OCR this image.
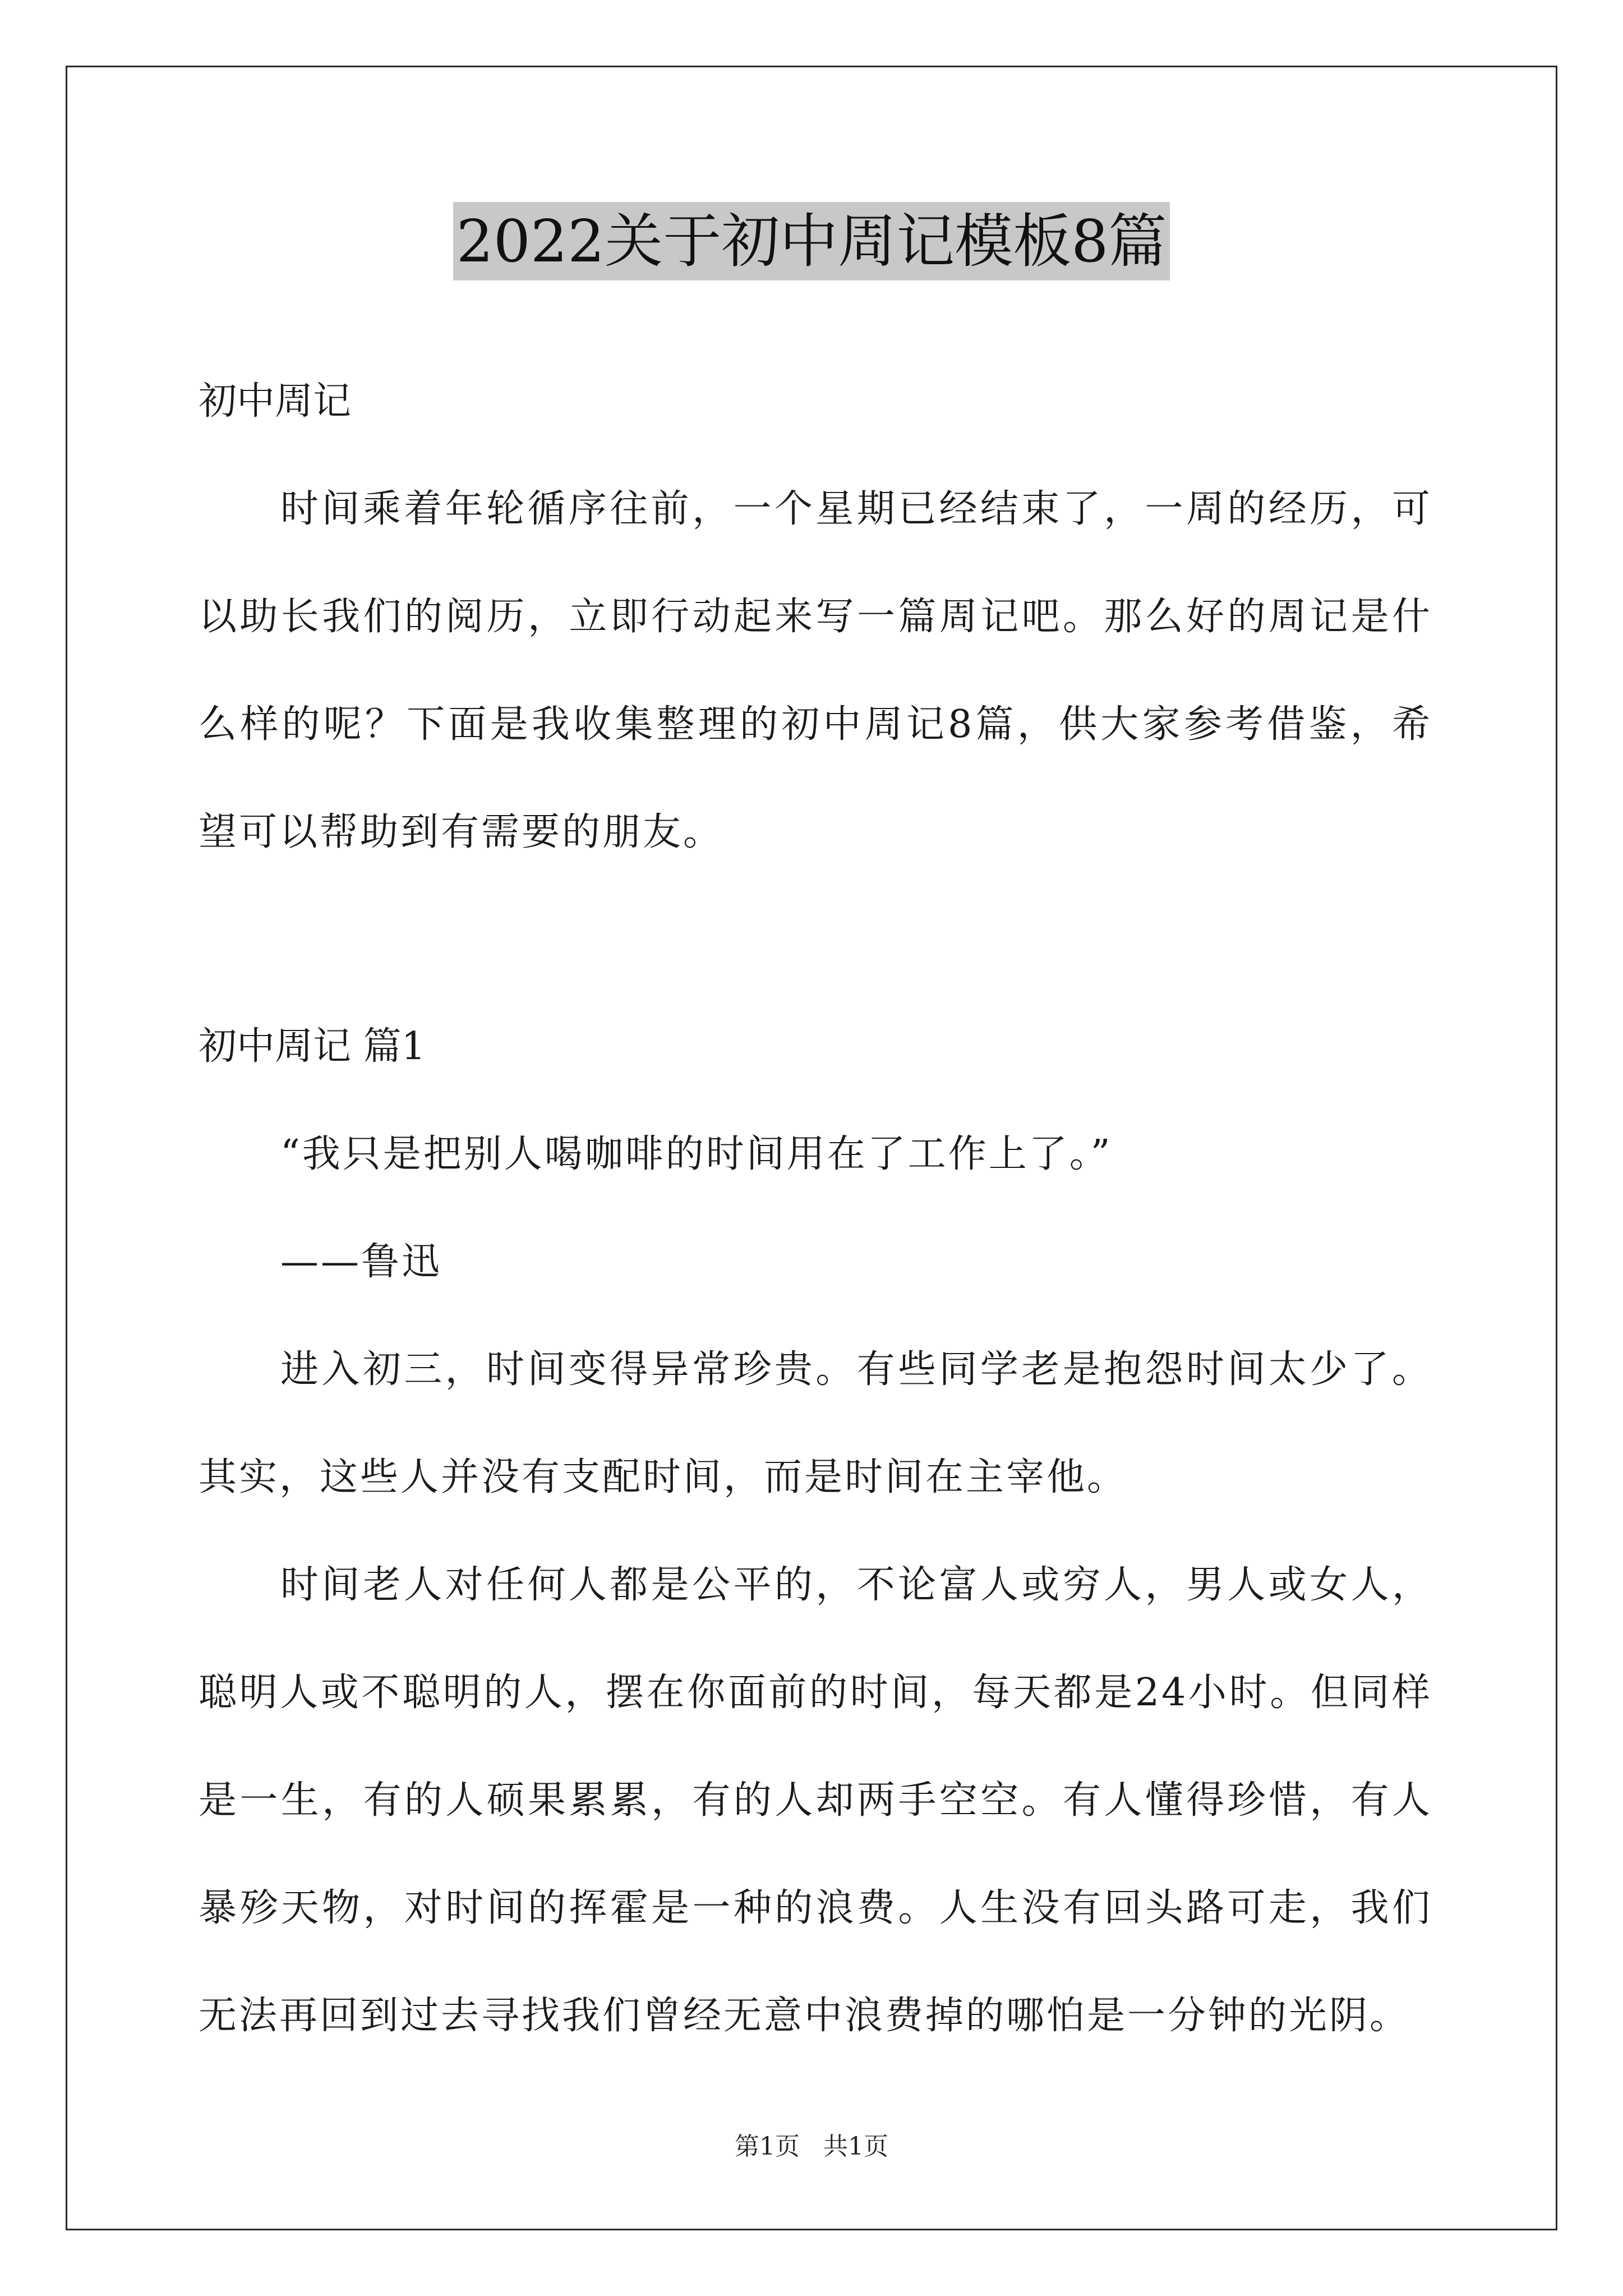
2022关于初中周记模板8篇

初中周记

时间乘着年轮循序往前，一个星期已经结束了，一周的经历，可以助长我们的阅历，立即行动起来写一篇周记吧。那么好的周记是什么样的呢？下面是我收集整理的初中周记8篇，供大家参考借鉴，希望可以帮助到有需要的朋友。

初中周记 篇1

“我只是把别人喝咖啡的时间用在了工作上了。”

——鲁迅

进入初三，时间变得异常珍贵。有些同学老是抱怨时间太少了。其实，这些人并没有支配时间，而是时间在主宰他。

时间老人对任何人都是公平的，不论富人或穷人，男人或女人，聪明人或不聪明的人，摆在你面前的时间，每天都是24小时。但同样是一生，有的人硕果累累，有的人却两手空空。有人懂得珍惜，有人暴殄天物，对时间的挥霍是一种的浪费。人生没有回头路可走，我们无法再回到过去寻找我们曾经无意中浪费掉的哪怕是一分钟的光阴。

第1页 共1页
